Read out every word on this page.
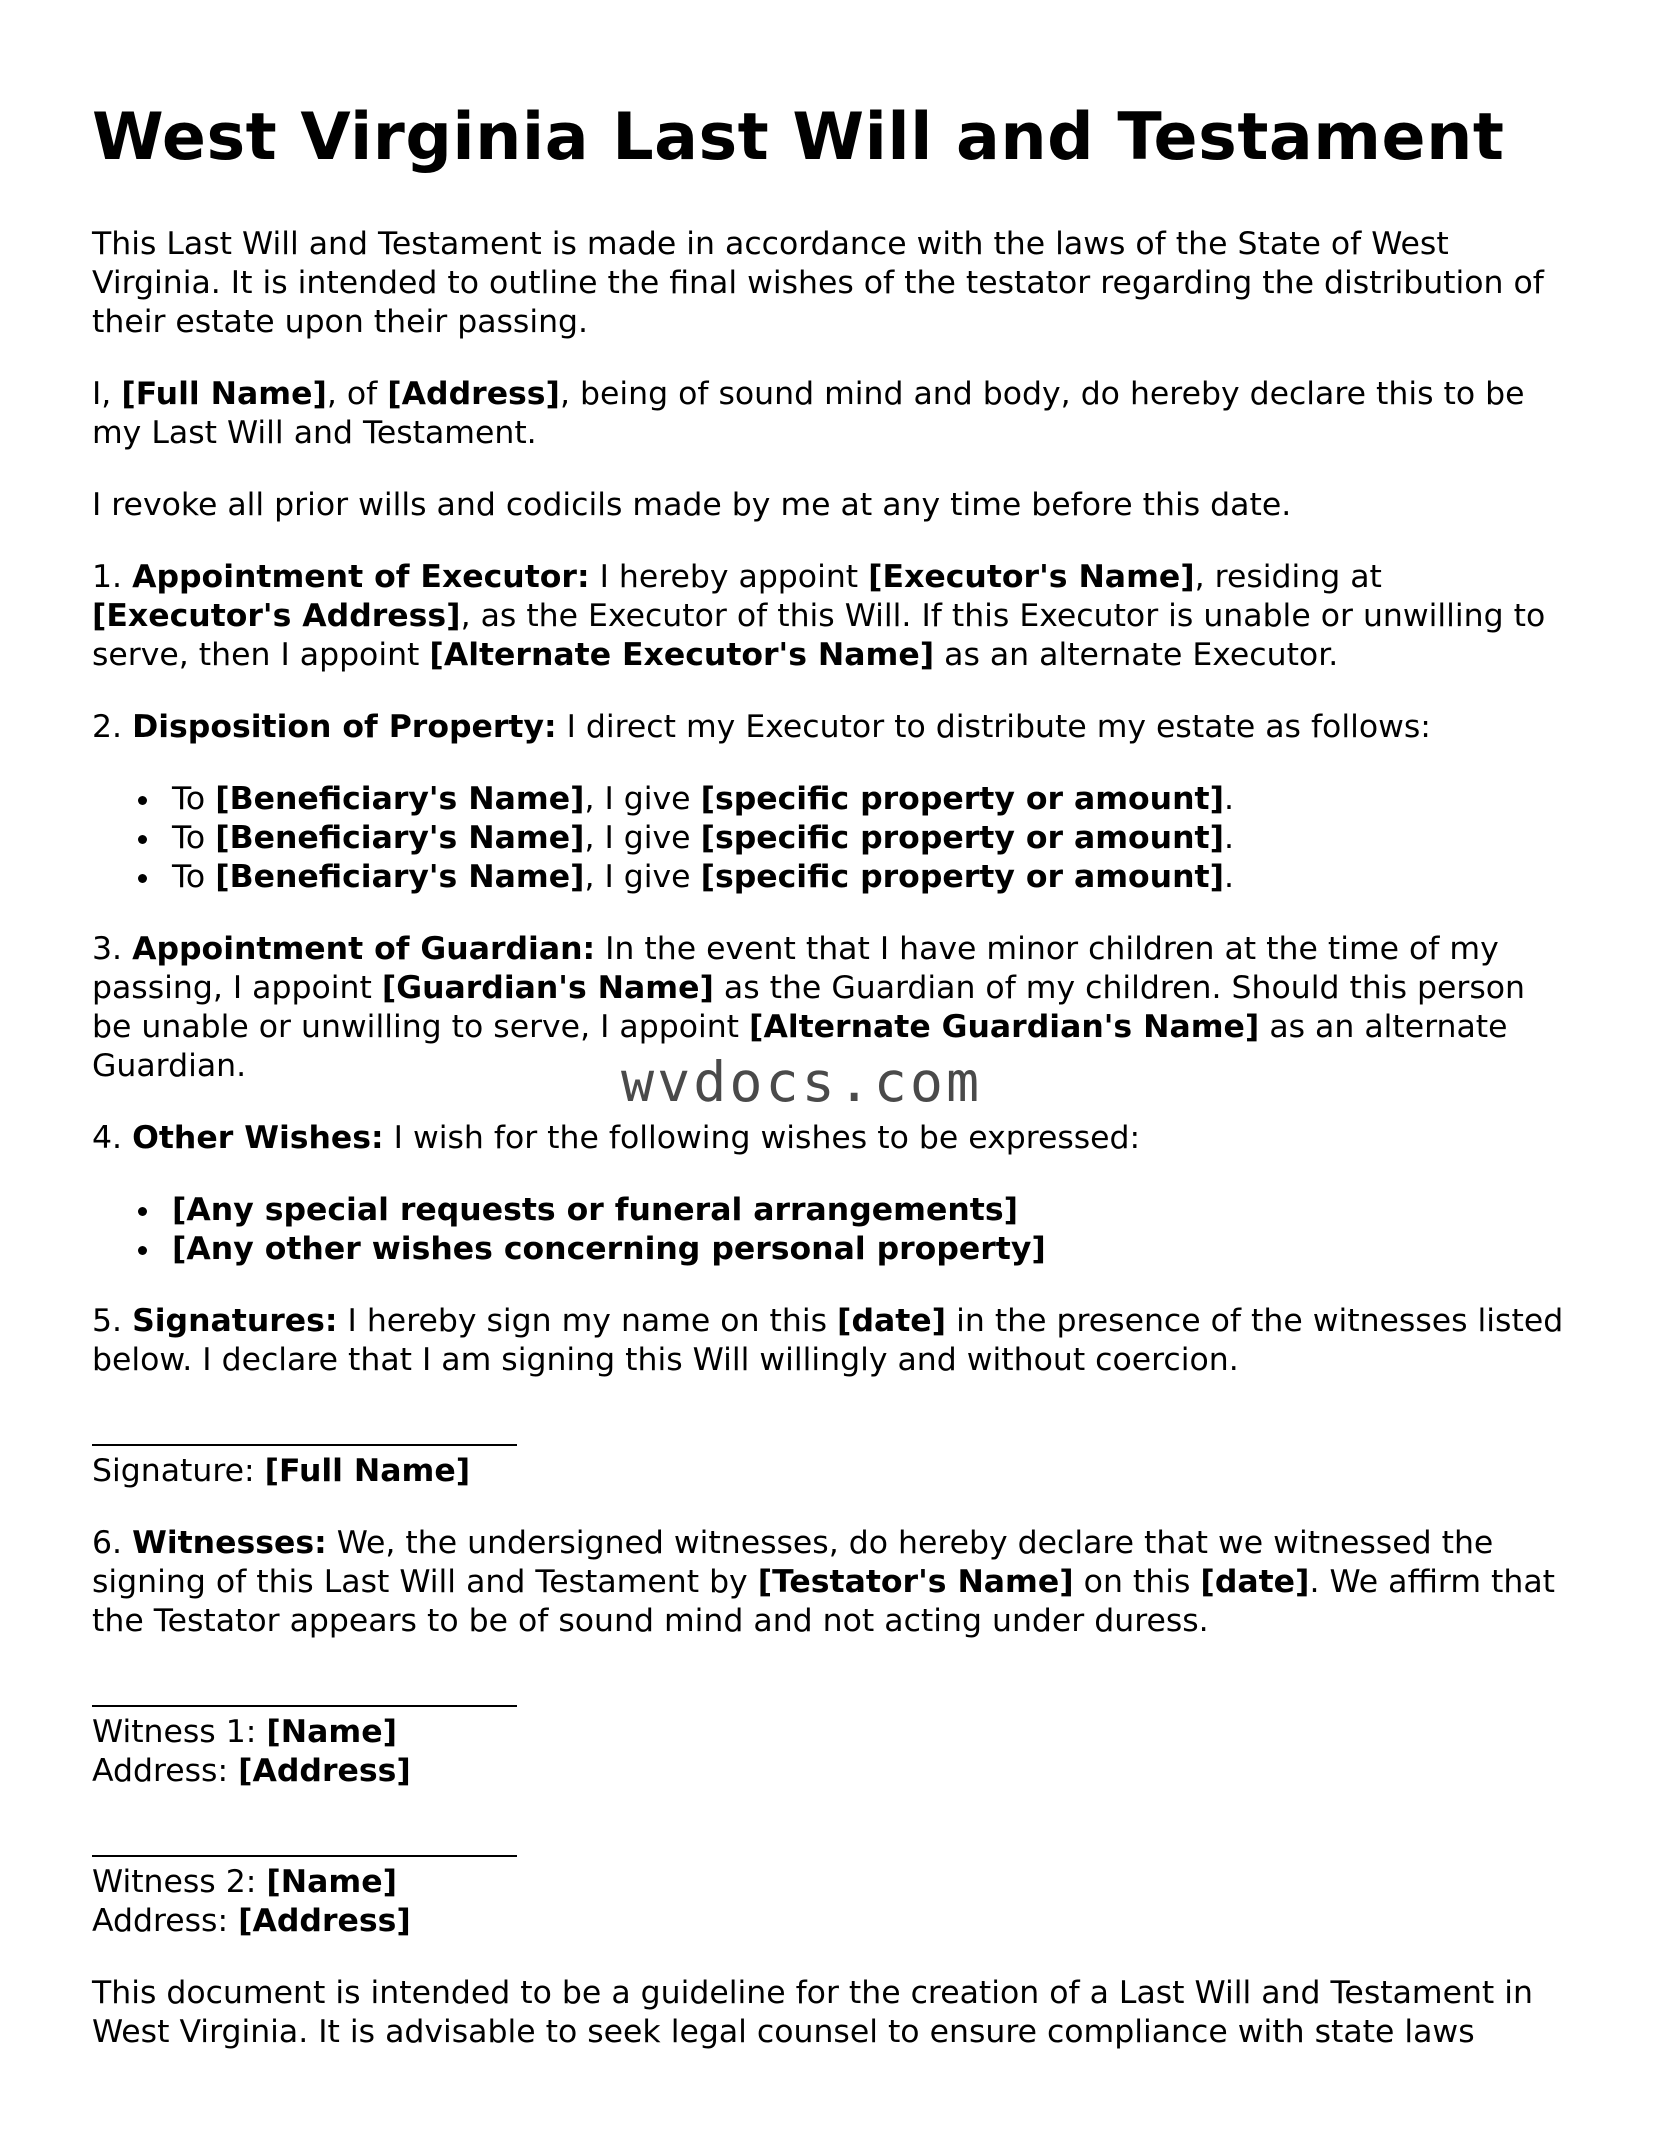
West Virginia Last Will and Testament

This Last Will and Testament is made in accordance with the laws of the State of West Virginia. It is intended to outline the final wishes of the testator regarding the distribution of their estate upon their passing.

I, [Full Name], of [Address], being of sound mind and body, do hereby declare this to be my Last Will and Testament.

I revoke all prior wills and codicils made by me at any time before this date.

1. Appointment of Executor: I hereby appoint [Executor's Name], residing at [Executor's Address], as the Executor of this Will. If this Executor is unable or unwilling to serve, then I appoint [Alternate Executor's Name] as an alternate Executor.

2. Disposition of Property: I direct my Executor to distribute my estate as follows:

To [Beneficiary's Name], I give [specific property or amount].
To [Beneficiary's Name], I give [specific property or amount].
To [Beneficiary's Name], I give [specific property or amount].

3. Appointment of Guardian: In the event that I have minor children at the time of my passing, I appoint [Guardian's Name] as the Guardian of my children. Should this person be unable or unwilling to serve, I appoint [Alternate Guardian's Name] as an alternate Guardian.

4. Other Wishes: I wish for the following wishes to be expressed:

[Any special requests or funeral arrangements]
[Any other wishes concerning personal property]

5. Signatures: I hereby sign my name on this [date] in the presence of the witnesses listed below. I declare that I am signing this Will willingly and without coercion.

Signature: [Full Name]

6. Witnesses: We, the undersigned witnesses, do hereby declare that we witnessed the signing of this Last Will and Testament by [Testator's Name] on this [date]. We affirm that the Testator appears to be of sound mind and not acting under duress.

Witness 1: [Name]

Address: [Address]

Witness 2: [Name]

Address: [Address]

This document is intended to be a guideline for the creation of a Last Will and Testament in West Virginia. It is advisable to seek legal counsel to ensure compliance with state laws

wvdocs.com
